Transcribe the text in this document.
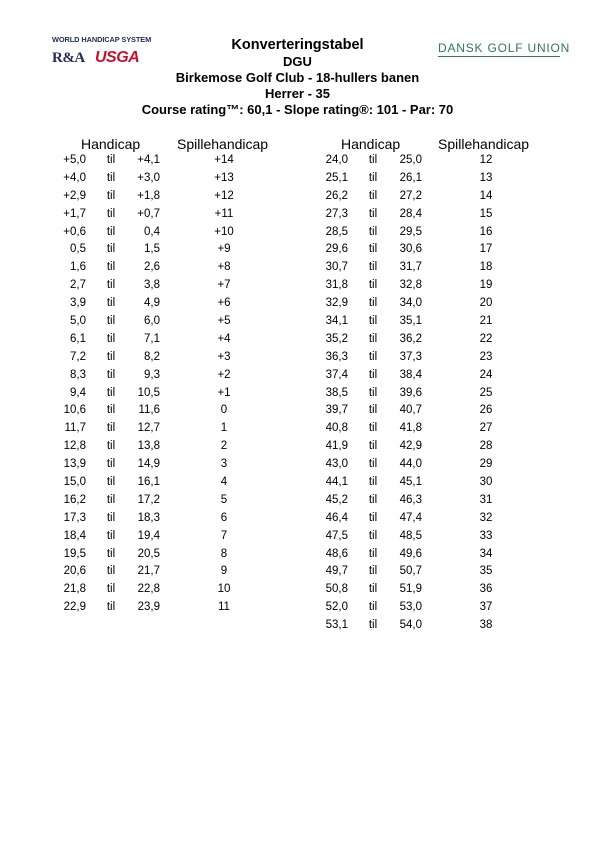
WORLD HANDICAP SYSTEM
R&A USGA
DANSK GOLF UNION
Konverteringstabel
DGU
Birkemose Golf Club - 18-hullers banen
Herrer - 35
Course rating™: 60,1 - Slope rating®: 101 - Par: 70
Handicap	Spillehandicap	Handicap	Spillehandicap
+5,0	til	+4,1	+14
+4,0	til	+3,0	+13
+2,9	til	+1,8	+12
+1,7	til	+0,7	+11
+0,6	til	0,4	+10
0,5	til	1,5	+9
1,6	til	2,6	+8
2,7	til	3,8	+7
3,9	til	4,9	+6
5,0	til	6,0	+5
6,1	til	7,1	+4
7,2	til	8,2	+3
8,3	til	9,3	+2
9,4	til	10,5	+1
10,6	til	11,6	0
11,7	til	12,7	1
12,8	til	13,8	2
13,9	til	14,9	3
15,0	til	16,1	4
16,2	til	17,2	5
17,3	til	18,3	6
18,4	til	19,4	7
19,5	til	20,5	8
20,6	til	21,7	9
21,8	til	22,8	10
22,9	til	23,9	11
24,0	til	25,0	12
25,1	til	26,1	13
26,2	til	27,2	14
27,3	til	28,4	15
28,5	til	29,5	16
29,6	til	30,6	17
30,7	til	31,7	18
31,8	til	32,8	19
32,9	til	34,0	20
34,1	til	35,1	21
35,2	til	36,2	22
36,3	til	37,3	23
37,4	til	38,4	24
38,5	til	39,6	25
39,7	til	40,7	26
40,8	til	41,8	27
41,9	til	42,9	28
43,0	til	44,0	29
44,1	til	45,1	30
45,2	til	46,3	31
46,4	til	47,4	32
47,5	til	48,5	33
48,6	til	49,6	34
49,7	til	50,7	35
50,8	til	51,9	36
52,0	til	53,0	37
53,1	til	54,0	38
